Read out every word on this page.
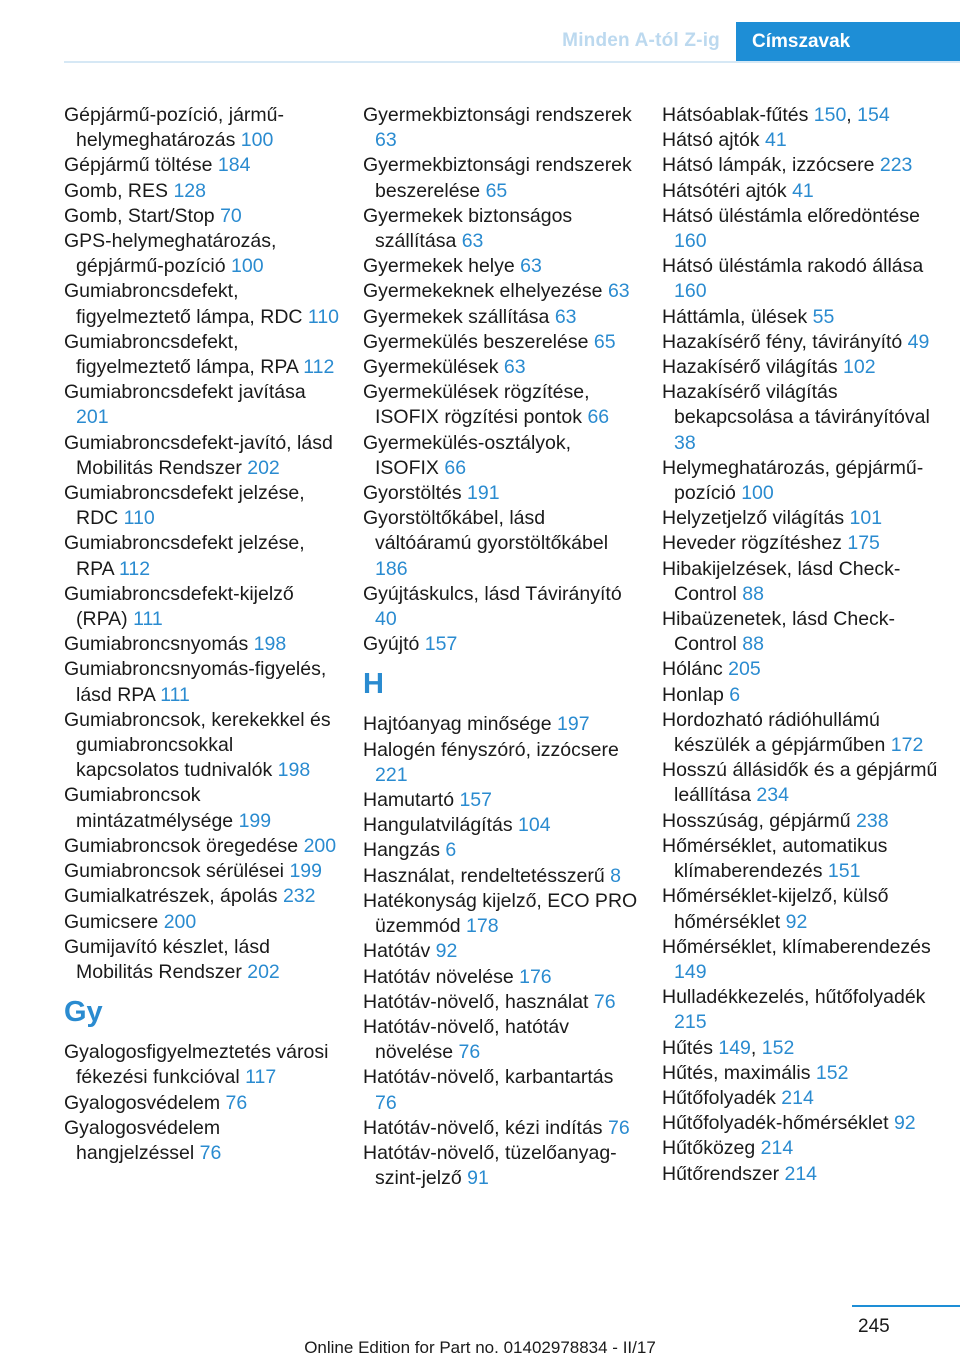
Minden A-tól Z-ig Címszavak

Gépjármű-pozíció, jármű-helymeghatározás 100

Gépjármű töltése 184

Gomb, RES 128

Gomb, Start/Stop 70

GPS-helymeghatározás, gépjármű-pozíció 100

Gumiabroncsdefekt, figyelmeztető lámpa, RDC 110

Gumiabroncsdefekt, figyelmeztető lámpa, RPA 112

Gumiabroncsdefekt javítása 201

Gumiabroncsdefekt-javító, lásd Mobilitás Rendszer 202

Gumiabroncsdefekt jelzése, RDC 110

Gumiabroncsdefekt jelzése, RPA 112

Gumiabroncsdefekt-kijelző (RPA) 111

Gumiabroncsnyomás 198

Gumiabroncsnyomás-figyelés, lásd RPA 111

Gumiabroncsok, kerekekkel és gumiabroncsokkal kapcsolatos tudnivalók 198

Gumiabroncsok mintázatmélysége 199

Gumiabroncsok öregedése 200

Gumiabroncsok sérülései 199

Gumialkatrészek, ápolás 232

Gumicsere 200

Gumijavító készlet, lásd Mobilitás Rendszer 202

Gy

Gyalogosfigyelmeztetés városi fékezési funkcióval 117

Gyalogosvédelem 76

Gyalogosvédelem hangjelzéssel 76

Gyermekbiztonsági rendszerek 63

Gyermekbiztonsági rendszerek beszerelése 65

Gyermekek biztonságos szállítása 63

Gyermekek helye 63

Gyermekeknek elhelyezése 63

Gyermekek szállítása 63

Gyermekülés beszerelése 65

Gyermekülések 63

Gyermekülések rögzítése, ISOFIX rögzítési pontok 66

Gyermekülés-osztályok, ISOFIX 66

Gyorstöltés 191

Gyorstöltőkábel, lásd váltóáramú gyorstöltőkábel 186

Gyújtáskulcs, lásd Távirányító 40

Gyújtó 157

H

Hajtóanyag minősége 197

Halogén fényszóró, izzócsere 221

Hamutartó 157

Hangulatvilágítás 104

Hangzás 6

Használat, rendeltetésszerű 8

Hatékonyság kijelző, ECO PRO üzemmód 178

Hatótáv 92

Hatótáv növelése 176

Hatótáv-növelő, használat 76

Hatótáv-növelő, hatótáv növelése 76

Hatótáv-növelő, karbantartás 76

Hatótáv-növelő, kézi indítás 76

Hatótáv-növelő, tüzelőanyag-szint-jelző 91

Hátsóablak-fűtés 150, 154

Hátsó ajtók 41

Hátsó lámpák, izzócsere 223

Hátsótéri ajtók 41

Hátsó üléstámla előredöntése 160

Hátsó üléstámla rakodó állása 160

Háttámla, ülések 55

Hazakísérő fény, távirányító 49

Hazakísérő világítás 102

Hazakísérő világítás bekapcsolása a távirányítóval 38

Helymeghatározás, gépjármű-pozíció 100

Helyzetjelző világítás 101

Heveder rögzítéshez 175

Hibakijelzések, lásd Check-Control 88

Hibaüzenetek, lásd Check-Control 88

Hólánc 205

Honlap 6

Hordozható rádióhullámú készülék a gépjárműben 172

Hosszú állásidők és a gépjármű leállítása 234

Hosszúság, gépjármű 238

Hőmérséklet, automatikus klímaberendezés 151

Hőmérséklet-kijelző, külső hőmérséklet 92

Hőmérséklet, klímaberendezés 149

Hulladékkezelés, hűtőfolyadék 215

Hűtés 149, 152

Hűtés, maximális 152

Hűtőfolyadék 214

Hűtőfolyadék-hőmérséklet 92

Hűtőközeg 214

Hűtőrendszer 214

245
Online Edition for Part no. 01402978834 - II/17
